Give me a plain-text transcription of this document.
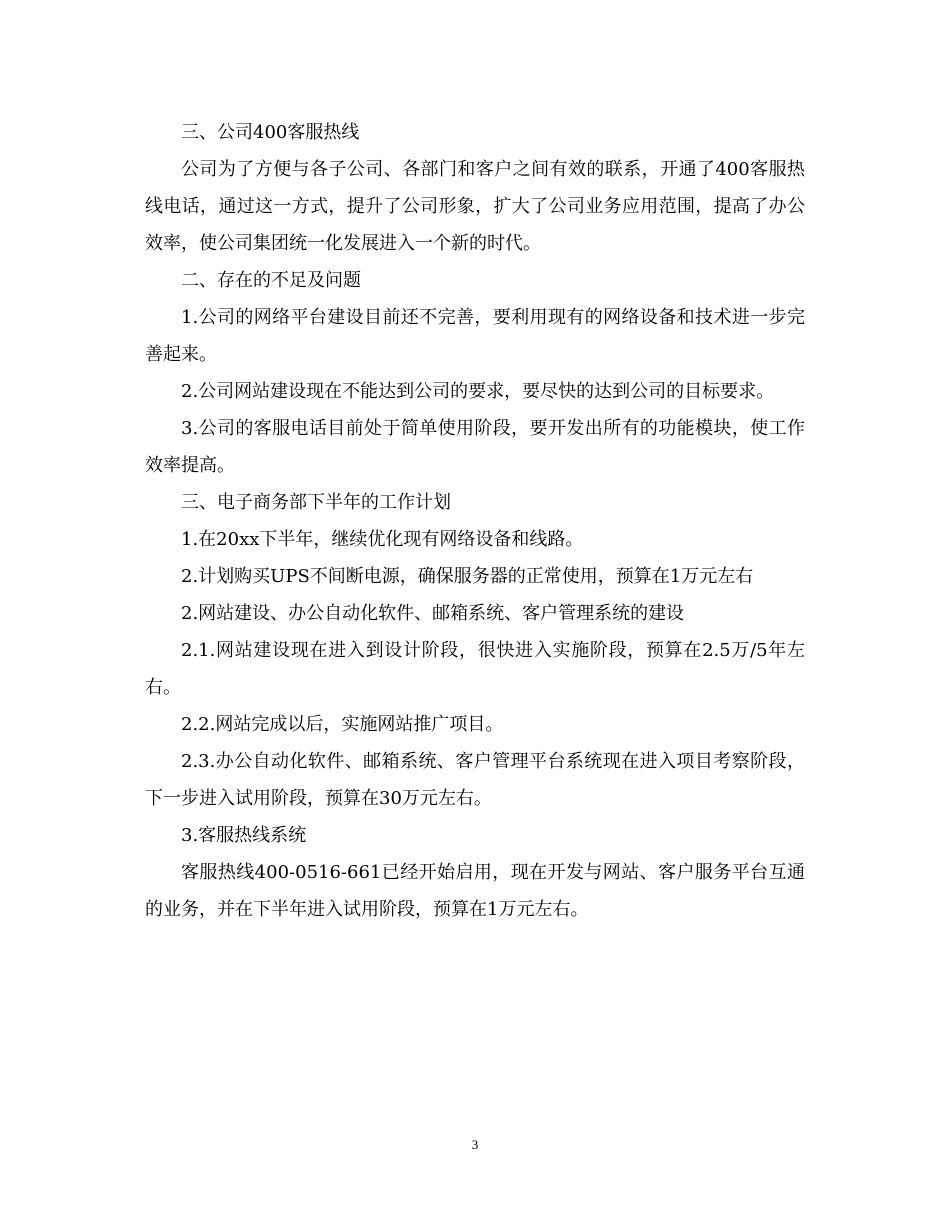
三、公司400客服热线

公司为了方便与各子公司、各部门和客户之间有效的联系，开通了400客服热线电话，通过这一方式，提升了公司形象，扩大了公司业务应用范围，提高了办公效率，使公司集团统一化发展进入一个新的时代。

二、存在的不足及问题

1.公司的网络平台建设目前还不完善，要利用现有的网络设备和技术进一步完善起来。

2.公司网站建设现在不能达到公司的要求，要尽快的达到公司的目标要求。

3.公司的客服电话目前处于简单使用阶段，要开发出所有的功能模块，使工作效率提高。

三、电子商务部下半年的工作计划

1.在20xx下半年，继续优化现有网络设备和线路。

2.计划购买UPS不间断电源，确保服务器的正常使用，预算在1万元左右

2.网站建设、办公自动化软件、邮箱系统、客户管理系统的建设

2.1.网站建设现在进入到设计阶段，很快进入实施阶段，预算在2.5万/5年左右。

2.2.网站完成以后，实施网站推广项目。

2.3.办公自动化软件、邮箱系统、客户管理平台系统现在进入项目考察阶段，下一步进入试用阶段，预算在30万元左右。

3.客服热线系统

客服热线400-0516-661已经开始启用，现在开发与网站、客户服务平台互通的业务，并在下半年进入试用阶段，预算在1万元左右。

3
